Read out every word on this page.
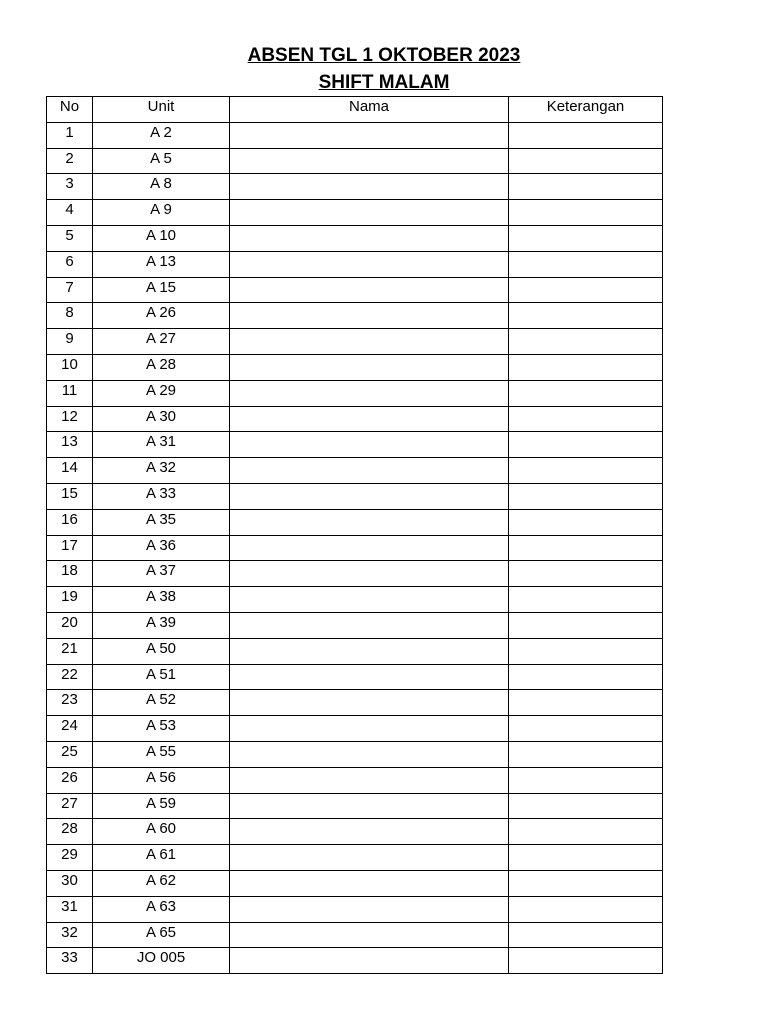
ABSEN TGL 1 OKTOBER 2023
SHIFT MALAM
No	Unit	Nama	Keterangan
1	A 2		
2	A 5		
3	A 8		
4	A 9		
5	A 10		
6	A 13		
7	A 15		
8	A 26		
9	A 27		
10	A 28		
11	A 29		
12	A 30		
13	A 31		
14	A 32		
15	A 33		
16	A 35		
17	A 36		
18	A 37		
19	A 38		
20	A 39		
21	A 50		
22	A 51		
23	A 52		
24	A 53		
25	A 55		
26	A 56		
27	A 59		
28	A 60		
29	A 61		
30	A 62		
31	A 63		
32	A 65		
33	JO 005		
